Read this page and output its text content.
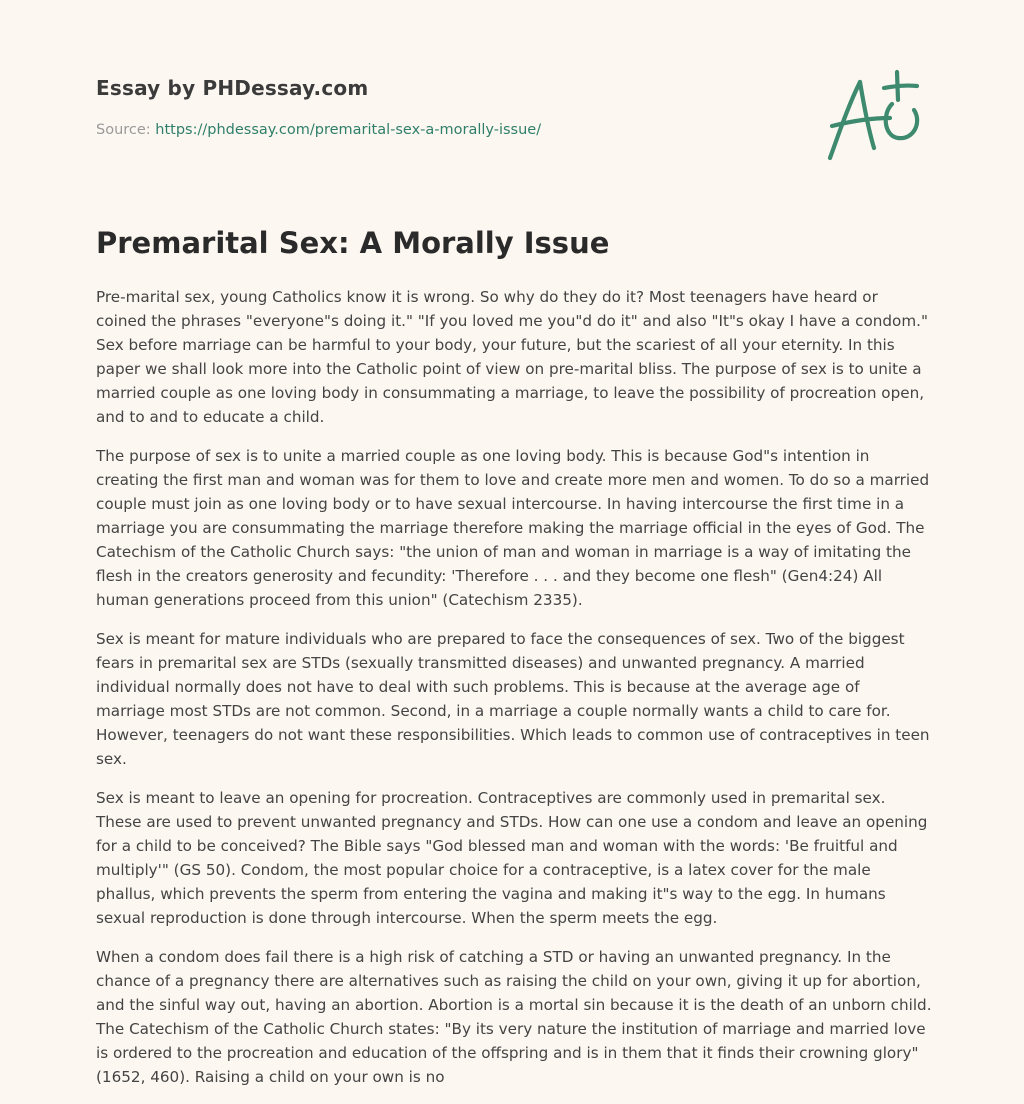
Essay by PHDessay.com
Source: https://phdessay.com/premarital-sex-a-morally-issue/
Premarital Sex: A Morally Issue

Pre-marital sex, young Catholics know it is wrong. So why do they do it? Most teenagers have heard or coined the phrases "everyone"s doing it." "If you loved me you"d do it" and also "It"s okay I have a condom." Sex before marriage can be harmful to your body, your future, but the scariest of all your eternity. In this paper we shall look more into the Catholic point of view on pre-marital bliss. The purpose of sex is to unite a married couple as one loving body in consummating a marriage, to leave the possibility of procreation open, and to and to educate a child.

The purpose of sex is to unite a married couple as one loving body. This is because God"s intention in creating the first man and woman was for them to love and create more men and women. To do so a married couple must join as one loving body or to have sexual intercourse. In having intercourse the first time in a marriage you are consummating the marriage therefore making the marriage official in the eyes of God. The Catechism of the Catholic Church says: "the union of man and woman in marriage is a way of imitating the flesh in the creators generosity and fecundity: 'Therefore . . . and they become one flesh" (Gen4:24) All human generations proceed from this union" (Catechism 2335).

Sex is meant for mature individuals who are prepared to face the consequences of sex. Two of the biggest fears in premarital sex are STDs (sexually transmitted diseases) and unwanted pregnancy. A married individual normally does not have to deal with such problems. This is because at the average age of marriage most STDs are not common. Second, in a marriage a couple normally wants a child to care for. However, teenagers do not want these responsibilities. Which leads to common use of contraceptives in teen sex.

Sex is meant to leave an opening for procreation. Contraceptives are commonly used in premarital sex. These are used to prevent unwanted pregnancy and STDs. How can one use a condom and leave an opening for a child to be conceived? The Bible says "God blessed man and woman with the words: 'Be fruitful and multiply'" (GS 50). Condom, the most popular choice for a contraceptive, is a latex cover for the male phallus, which prevents the sperm from entering the vagina and making it"s way to the egg. In humans sexual reproduction is done through intercourse. When the sperm meets the egg.

When a condom does fail there is a high risk of catching a STD or having an unwanted pregnancy. In the chance of a pregnancy there are alternatives such as raising the child on your own, giving it up for abortion, and the sinful way out, having an abortion. Abortion is a mortal sin because it is the death of an unborn child. The Catechism of the Catholic Church states: "By its very nature the institution of marriage and married love is ordered to the procreation and education of the offspring and is in them that it finds their crowning glory" (1652, 460). Raising a child on your own is no
